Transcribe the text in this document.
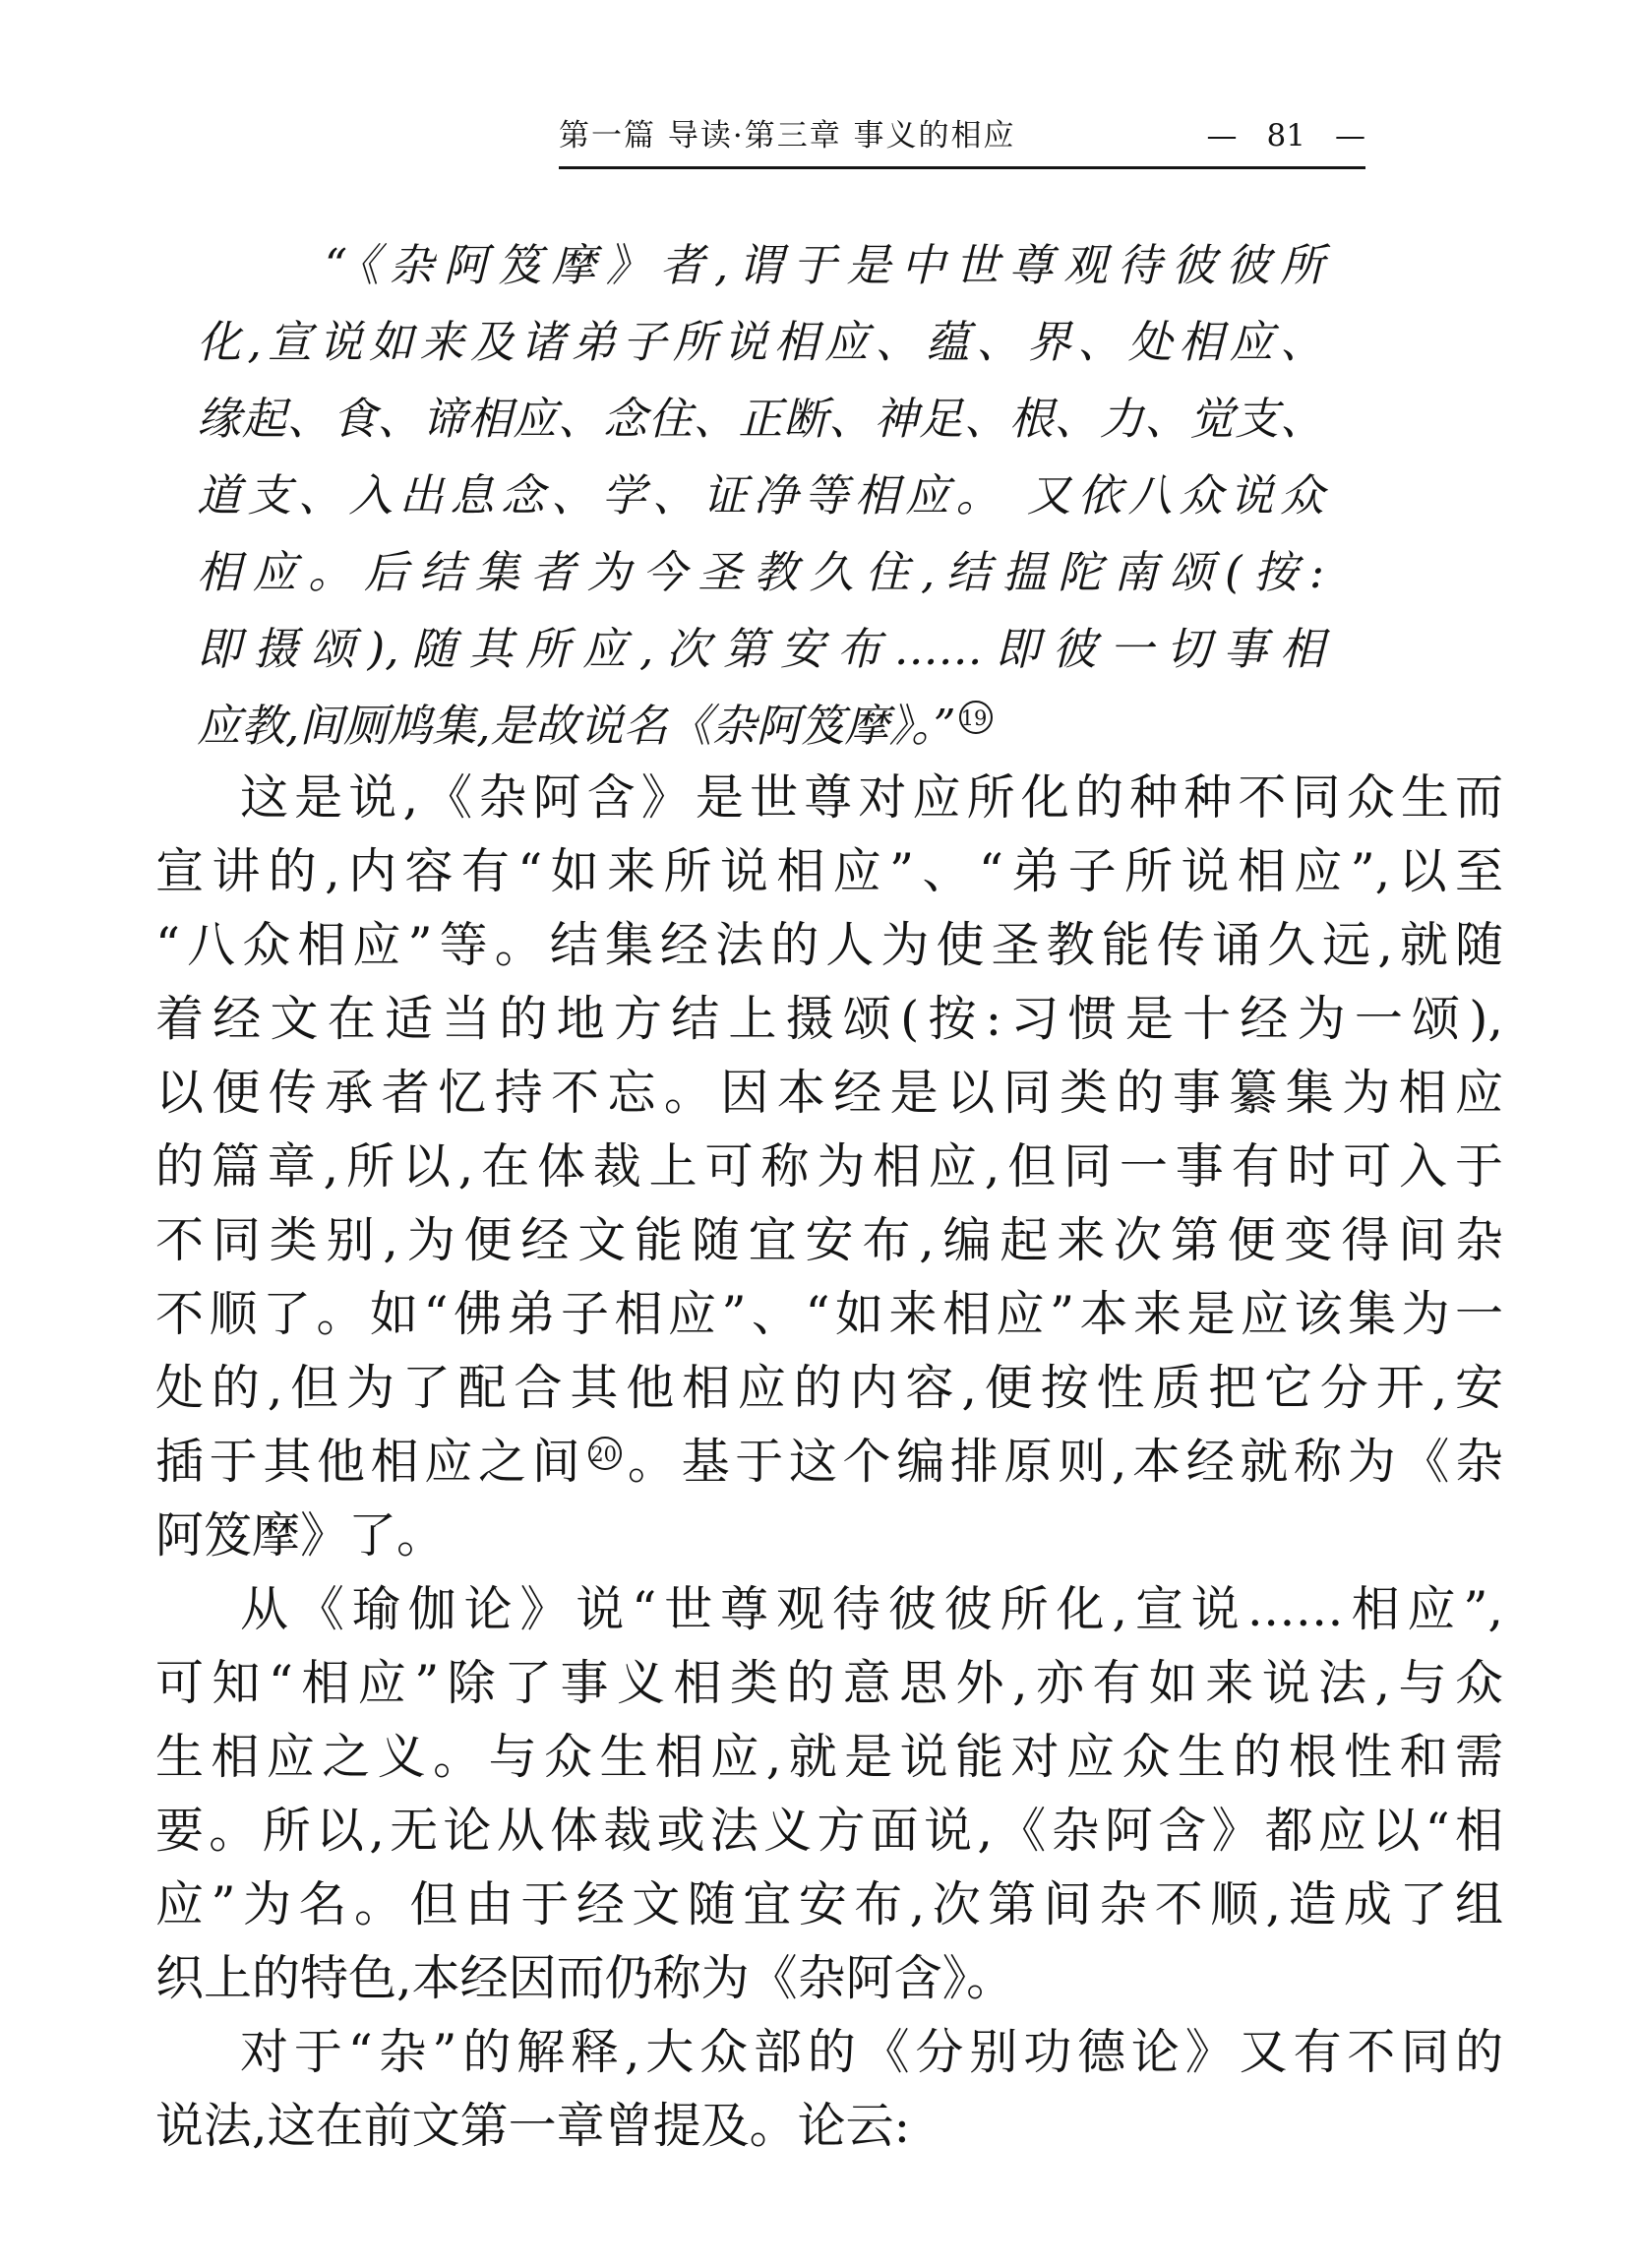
第一篇 导读·第三章 事义的相应	— 81 —
“《杂阿笈摩》者,谓于是中世尊观待彼彼所
化,宣说如来及诸弟子所说相应、蕴、界、处相应、
缘起、食、谛相应、念住、正断、神足、根、力、觉支、
道支、入出息念、学、证净等相应。 又依八众说众
相应。后结集者为今圣教久住,结揾陀南颂(按:
即摄颂),随其所应,次第安布……即彼一切事相
应教,间厕鸠集,是故说名《杂阿笈摩》。” 19
这是说,《杂阿含》是世尊对应所化的种种不同众生而
宣讲的,内容有“如来所说相应”、“弟子所说相应”,以至
“八众相应”等。结集经法的人为使圣教能传诵久远,就随
着经文在适当的地方结上摄颂(按:习惯是十经为一颂),
以便传承者忆持不忘。因本经是以同类的事纂集为相应
的篇章,所以,在体裁上可称为相应,但同一事有时可入于
不同类别,为便经文能随宜安布,编起来次第便变得间杂
不顺了。如“佛弟子相应”、“如来相应”本来是应该集为一
处的,但为了配合其他相应的内容,便按性质把它分开,安
插于其他相应之间 20 。基于这个编排原则,本经就称为《杂
阿笈摩》了。
从《瑜伽论》说“世尊观待彼彼所化,宣说……相应”,
可知“相应”除了事义相类的意思外,亦有如来说法,与众
生相应之义。与众生相应,就是说能对应众生的根性和需
要。所以,无论从体裁或法义方面说,《杂阿含》都应以“相
应”为名。但由于经文随宜安布,次第间杂不顺,造成了组
织上的特色,本经因而仍称为《杂阿含》。
对于“杂”的解释,大众部的《分别功德论》又有不同的
说法,这在前文第一章曾提及。论云:
